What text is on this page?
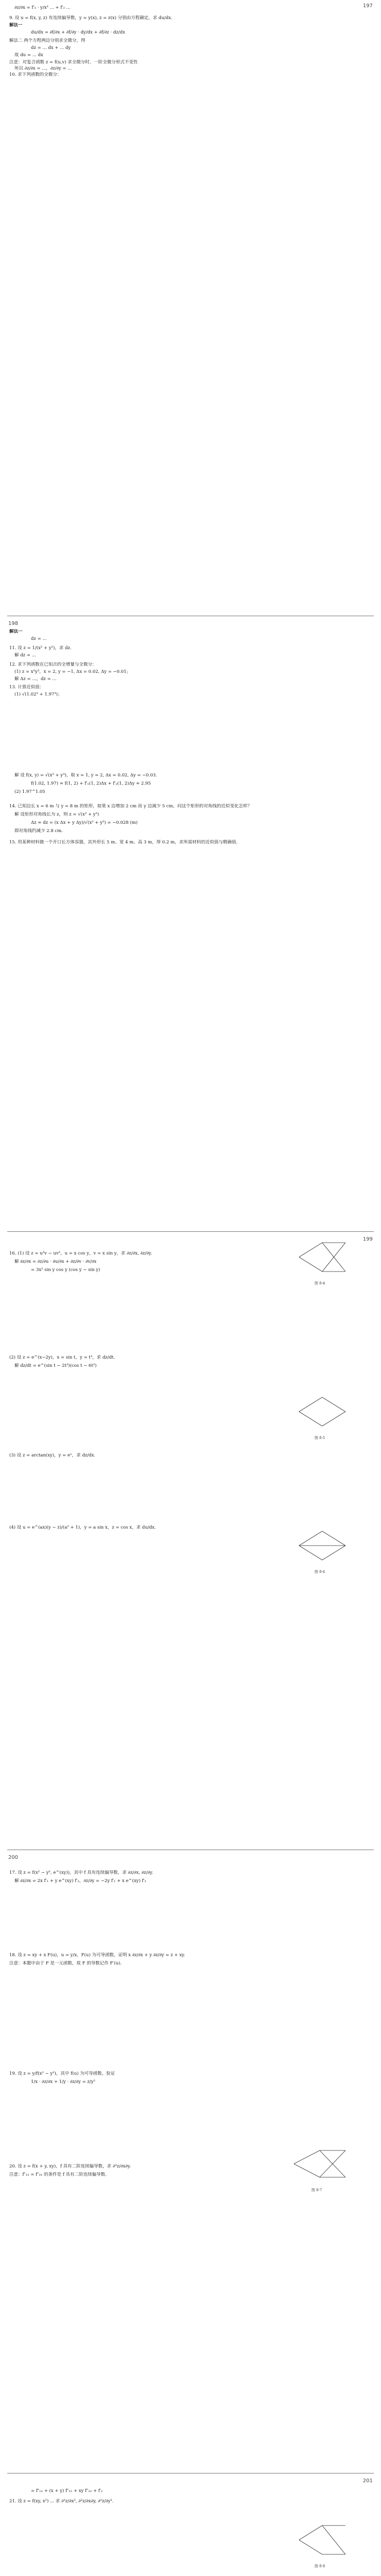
197
∂z/∂x = f′₁ · y/x² ... + f′₂ ...
9. 设 u = f(x, y, z) 有连续偏导数，y = y(x), z = z(x) 分别由方程确定，求 du/dx.
解法一
du/dx = ∂f/∂x + ∂f/∂y · dy/dx + ∂f/∂z · dz/dx
解法二 两个方程两边分别求全微分，得
dz = ... dx + ... dy
故 du = ... dx
注意：对复合函数 z = f(u,v) 求全微分时，一阶全微分形式不变性
所以 ∂z/∂x = ...，∂z/∂y = ...
10. 求下列函数的全微分：
198
解法一
dz = ...
11. 设 z = 1/(x² + y²)，求 dz.
解 dz = ...
12. 求下列函数在已知点的全增量与全微分：
(1) z = x²y³，x = 2, y = −1, Δx = 0.02, Δy = −0.01;
解 Δz = ...，dz = ...
13. 计算近似值：
(1) √(1.02³ + 1.97³)；
解 设 f(x, y) = √(x³ + y³)，取 x = 1, y = 2, Δx = 0.02, Δy = −0.03.
f(1.02, 1.97) ≈ f(1, 2) + f′ₓ(1, 2)Δx + f′ᵧ(1, 2)Δy ≈ 2.95
(2) 1.97^1.05
14. 已知边长 x = 6 m 与 y = 8 m 的矩形，如果 x 边增加 2 cm 而 y 边减少 5 cm，问这个矩形的对角线的近似变化怎样？
解 设矩形对角线长为 z，则 z = √(x² + y²)
Δz ≈ dz = (x Δx + y Δy)/√(x² + y²) = −0.028 (m)
即对角线约减少 2.8 cm.
15. 用某种材料做一个开口长方体容器，其外形长 5 m、宽 4 m、高 3 m，厚 0.2 m，求所需材料的近似值与精确值.
199
16. (1) 设 z = u²v − uv²，u = x cos y，v = x sin y，求 ∂z/∂x, ∂z/∂y.
解 ∂z/∂x = ∂z/∂u · ∂u/∂x + ∂z/∂v · ∂v/∂x
= 3x² sin y cos y (cos y − sin y)
(2) 设 z = e^(x−2y)，x = sin t，y = t³，求 dz/dt.
解 dz/dt = e^(sin t − 2t³)(cos t − 6t²)
(3) 设 z = arctan(xy)，y = eˣ，求 dz/dx.
(4) 设 u = e^(ax)(y − z)/(a² + 1)，y = a sin x，z = cos x，求 du/dx.
图 8-4
图 8-5
图 8-6
200
17. 设 z = f(x² − y², e^(xy))，其中 f 具有连续偏导数，求 ∂z/∂x, ∂z/∂y.
解 ∂z/∂x = 2x f′₁ + y e^(xy) f′₂，∂z/∂y = −2y f′₁ + x e^(xy) f′₂
18. 设 z = xy + x F(u)，u = y/x，F(u) 为可导函数，证明 x ∂z/∂x + y ∂z/∂y = z + xy.
注意：本题中由于 F 是一元函数，故 F 的导数记作 F′(u).
19. 设 z = y/f(x² − y²)，其中 f(u) 为可导函数，验证
1/x · ∂z/∂x + 1/y · ∂z/∂y = z/y²
20. 设 z = f(x + y, xy)，f 具有二阶连续偏导数，求 ∂²z/∂x∂y.
注意：f″₁₂ = f″₂₁ 的条件是 f 具有二阶连续偏导数.
图 8-7
201
= f″₁₁ + (x + y) f″₁₂ + xy f″₂₂ + f′₂
21. 设 z = f(xy, x²) ... 求 ∂²z/∂x², ∂²z/∂x∂y, ∂²z/∂y².
图 8-8
